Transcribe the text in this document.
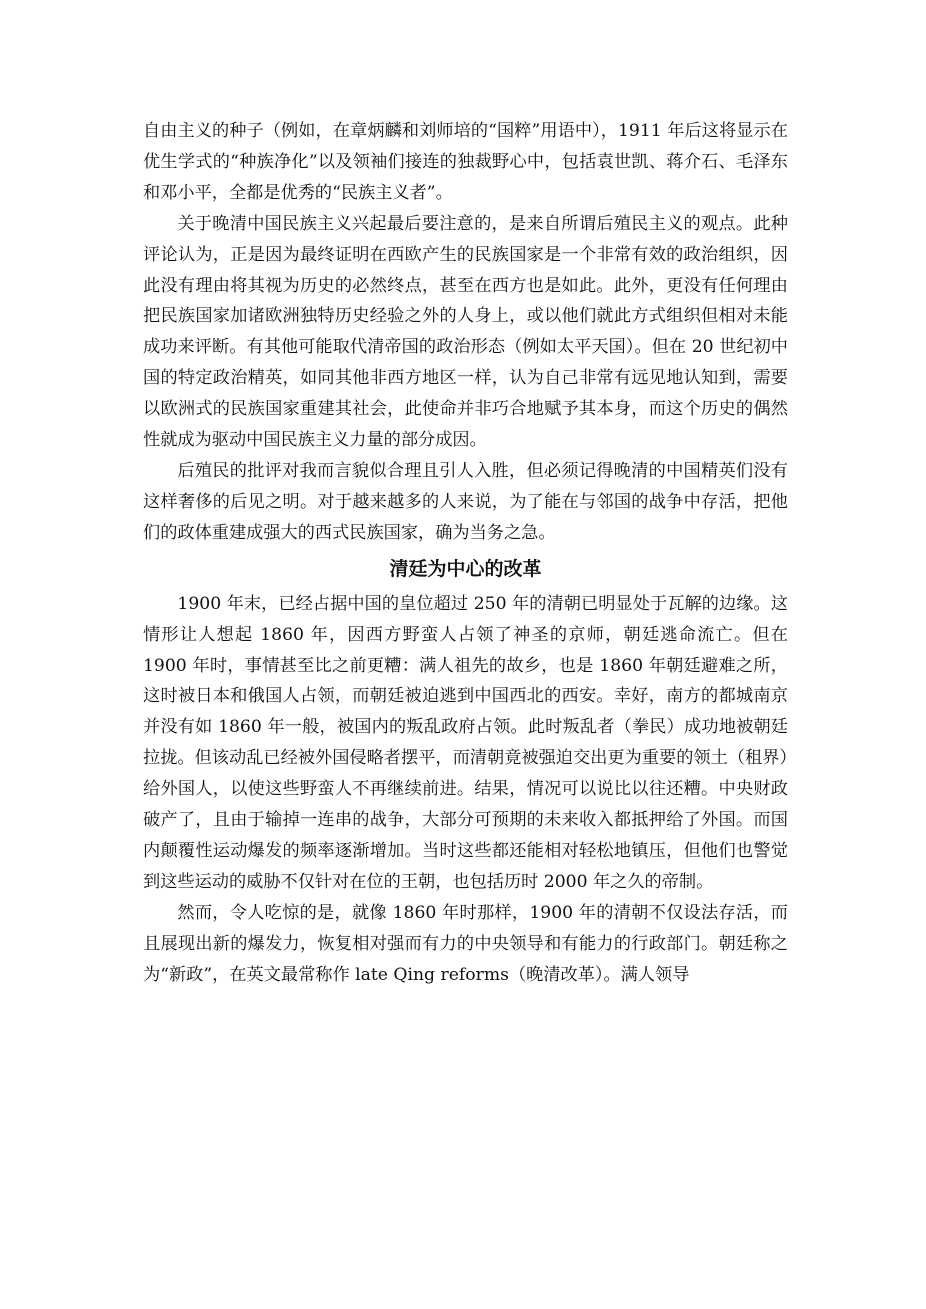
自由主义的种子（例如，在章炳麟和刘师培的“国粹”用语中），1911 年后这将显示在优生学式的“种族净化”以及领袖们接连的独裁野心中，包括袁世凯、蒋介石、毛泽东和邓小平，全都是优秀的“民族主义者”。

关于晚清中国民族主义兴起最后要注意的，是来自所谓后殖民主义的观点。此种评论认为，正是因为最终证明在西欧产生的民族国家是一个非常有效的政治组织，因此没有理由将其视为历史的必然终点，甚至在西方也是如此。此外，更没有任何理由把民族国家加诸欧洲独特历史经验之外的人身上，或以他们就此方式组织但相对未能成功来评断。有其他可能取代清帝国的政治形态（例如太平天国）。但在 20 世纪初中国的特定政治精英，如同其他非西方地区一样，认为自己非常有远见地认知到，需要以欧洲式的民族国家重建其社会，此使命并非巧合地赋予其本身，而这个历史的偶然性就成为驱动中国民族主义力量的部分成因。

后殖民的批评对我而言貌似合理且引人入胜，但必须记得晚清的中国精英们没有这样奢侈的后见之明。对于越来越多的人来说，为了能在与邻国的战争中存活，把他们的政体重建成强大的西式民族国家，确为当务之急。

清廷为中心的改革

1900 年末，已经占据中国的皇位超过 250 年的清朝已明显处于瓦解的边缘。这情形让人想起 1860 年，因西方野蛮人占领了神圣的京师，朝廷逃命流亡。但在 1900 年时，事情甚至比之前更糟：满人祖先的故乡，也是 1860 年朝廷避难之所，这时被日本和俄国人占领，而朝廷被迫逃到中国西北的西安。幸好，南方的都城南京并没有如 1860 年一般，被国内的叛乱政府占领。此时叛乱者（拳民）成功地被朝廷拉拢。但该动乱已经被外国侵略者摆平，而清朝竟被强迫交出更为重要的领土（租界）给外国人，以使这些野蛮人不再继续前进。结果，情况可以说比以往还糟。中央财政破产了，且由于输掉一连串的战争，大部分可预期的未来收入都抵押给了外国。而国内颠覆性运动爆发的频率逐渐增加。当时这些都还能相对轻松地镇压，但他们也警觉到这些运动的威胁不仅针对在位的王朝，也包括历时 2000 年之久的帝制。

然而，令人吃惊的是，就像 1860 年时那样，1900 年的清朝不仅设法存活，而且展现出新的爆发力，恢复相对强而有力的中央领导和有能力的行政部门。朝廷称之为“新政”，在英文最常称作 late Qing reforms（晚清改革）。满人领导
